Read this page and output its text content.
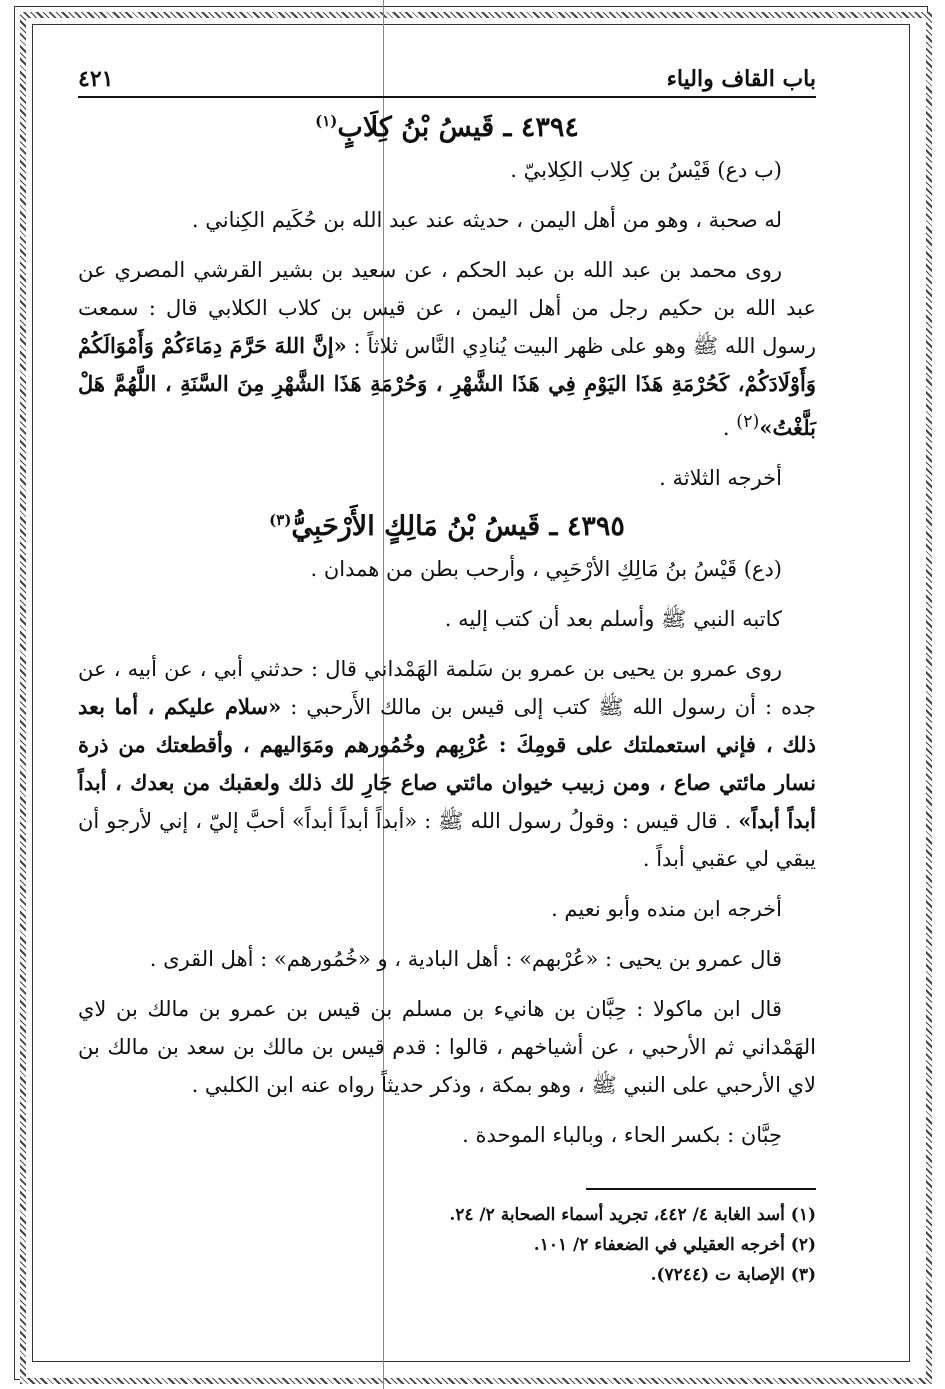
باب القاف والياء
٤٢١
٤٣٩٤ ـ قَيسُ بْنُ كِلَابٍ$^{(١)}$

(ب دع) قَيْسُ بن كِلاب الكِلابيّ .

له صحبة ، وهو من أهل اليمن ، حديثه عند عبد الله بن حُكَيم الكِناني .

روى محمد بن عبد الله بن عبد الحكم ، عن سعيد بن بشير القرشي المصري عن عبد الله بن حكيم رجل من أهل اليمن ، عن قيس بن كلاب الكلابي قال : سمعت رسول الله ﷺ وهو على ظهر البيت يُنادِي النَّاس ثلاثاً : «إنَّ اللهَ حَرَّمَ دِمَاءَكُمْ وَأَمْوَالَكُمْ وَأَوْلَادَكُمْ، كَحُرْمَةِ هَذَا اليَوْمِ فِي هَذَا الشَّهْرِ ، وَحُرْمَةِ هَذَا الشَّهْرِ مِنَ السَّنَةِ ، اللَّهُمَّ هَلْ بَلَّغْتُ»$^{(٢)}$ .

أخرجه الثلاثة .

٤٣٩٥ ـ قَيسُ بْنُ مَالِكٍ الأَرْحَبِيُّ$^{(٣)}$

(دع) قَيْسُ بنُ مَالِكِ الأرْحَبِي ، وأرحب بطن من همدان .

كاتبه النبي ﷺ وأسلم بعد أن كتب إليه .

روى عمرو بن يحيى بن عمرو بن سَلمة الهَمْداني قال : حدثني أبي ، عن أبيه ، عن جده : أن رسول الله ﷺ كتب إلى قيس بن مالك الأَرحبي : «سلام عليكم ، أما بعد ذلك ، فإني استعملتك على قومِكَ : عُرْبِهم وخُمُورهم ومَوَاليهم ، وأقطعتك من ذرة نسار مائتي صاع ، ومن زبيب خيوان مائتي صاع جَارِ لك ذلك ولعقبك من بعدك ، أبداً أبداً أبداً» . قال قيس : وقولُ رسول الله ﷺ : «أبداً أبداً أبداً» أحبَّ إليّ ، إني لأرجو أن يبقي لي عقبي أبداً .

أخرجه ابن منده وأبو نعيم .

قال عمرو بن يحيى : «عُرْبهم» : أهل البادية ، و «خُمُورهم» : أهل القرى .

قال ابن ماكولا : حِبَّان بن هانيء بن مسلم بن قيس بن عمرو بن مالك بن لاي الهَمْداني ثم الأرحبي ، عن أشياخهم ، قالوا : قدم قيس بن مالك بن سعد بن مالك بن لاي الأرحبي على النبي ﷺ ، وهو بمكة ، وذكر حديثاً رواه عنه ابن الكلبي .

حِبَّان : بكسر الحاء ، وبالباء الموحدة .

(١) أسد الغابة ٤/ ٤٤٢، تجريد أسماء الصحابة ٢/ ٢٤.
(٢) أخرجه العقيلي في الضعفاء ٢/ ١٠١.
(٣) الإصابة ت (٧٢٤٤).
